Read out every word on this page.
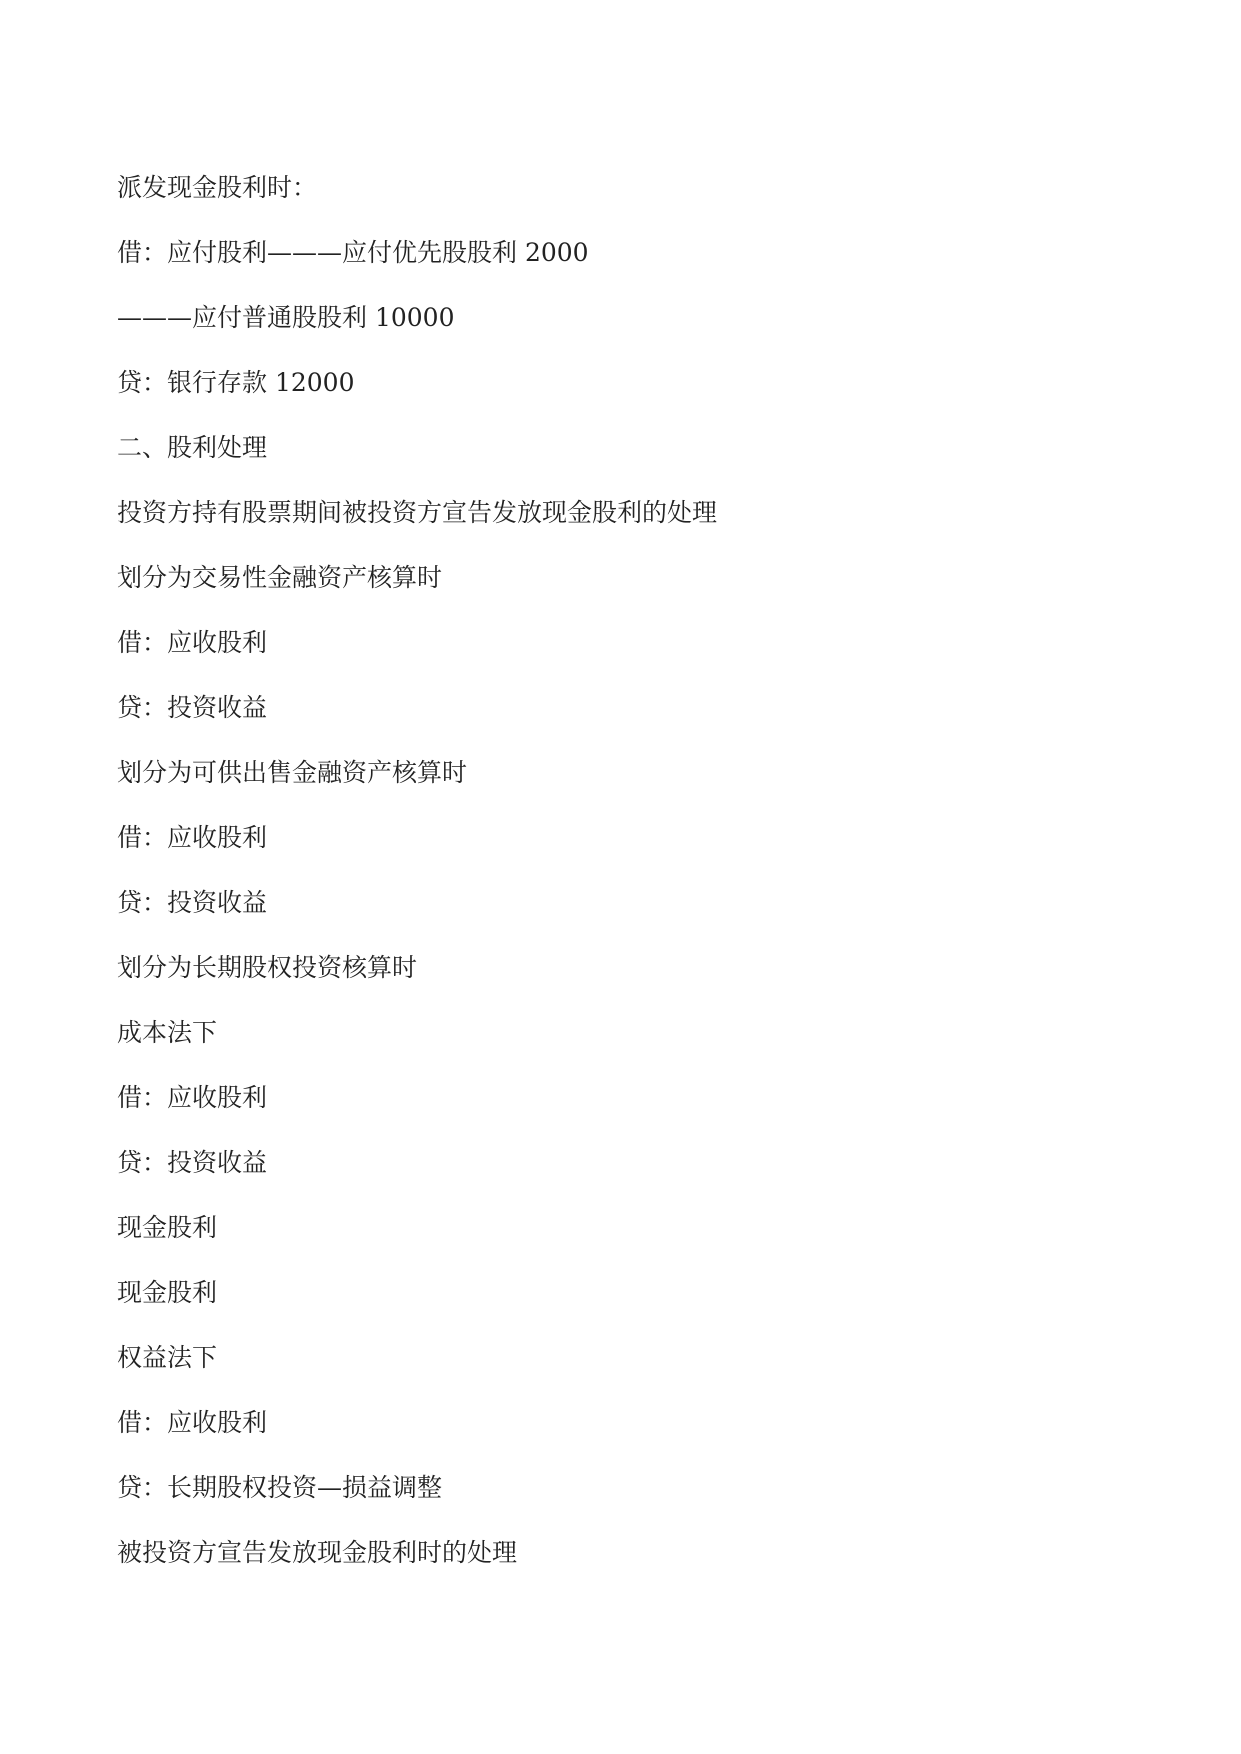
派发现金股利时：

借：应付股利———应付优先股股利 2000

———应付普通股股利 10000

贷：银行存款 12000

二、股利处理

投资方持有股票期间被投资方宣告发放现金股利的处理

划分为交易性金融资产核算时

借：应收股利

贷：投资收益

划分为可供出售金融资产核算时

借：应收股利

贷：投资收益

划分为长期股权投资核算时

成本法下

借：应收股利

贷：投资收益

现金股利

现金股利

权益法下

借：应收股利

贷：长期股权投资—损益调整

被投资方宣告发放现金股利时的处理
